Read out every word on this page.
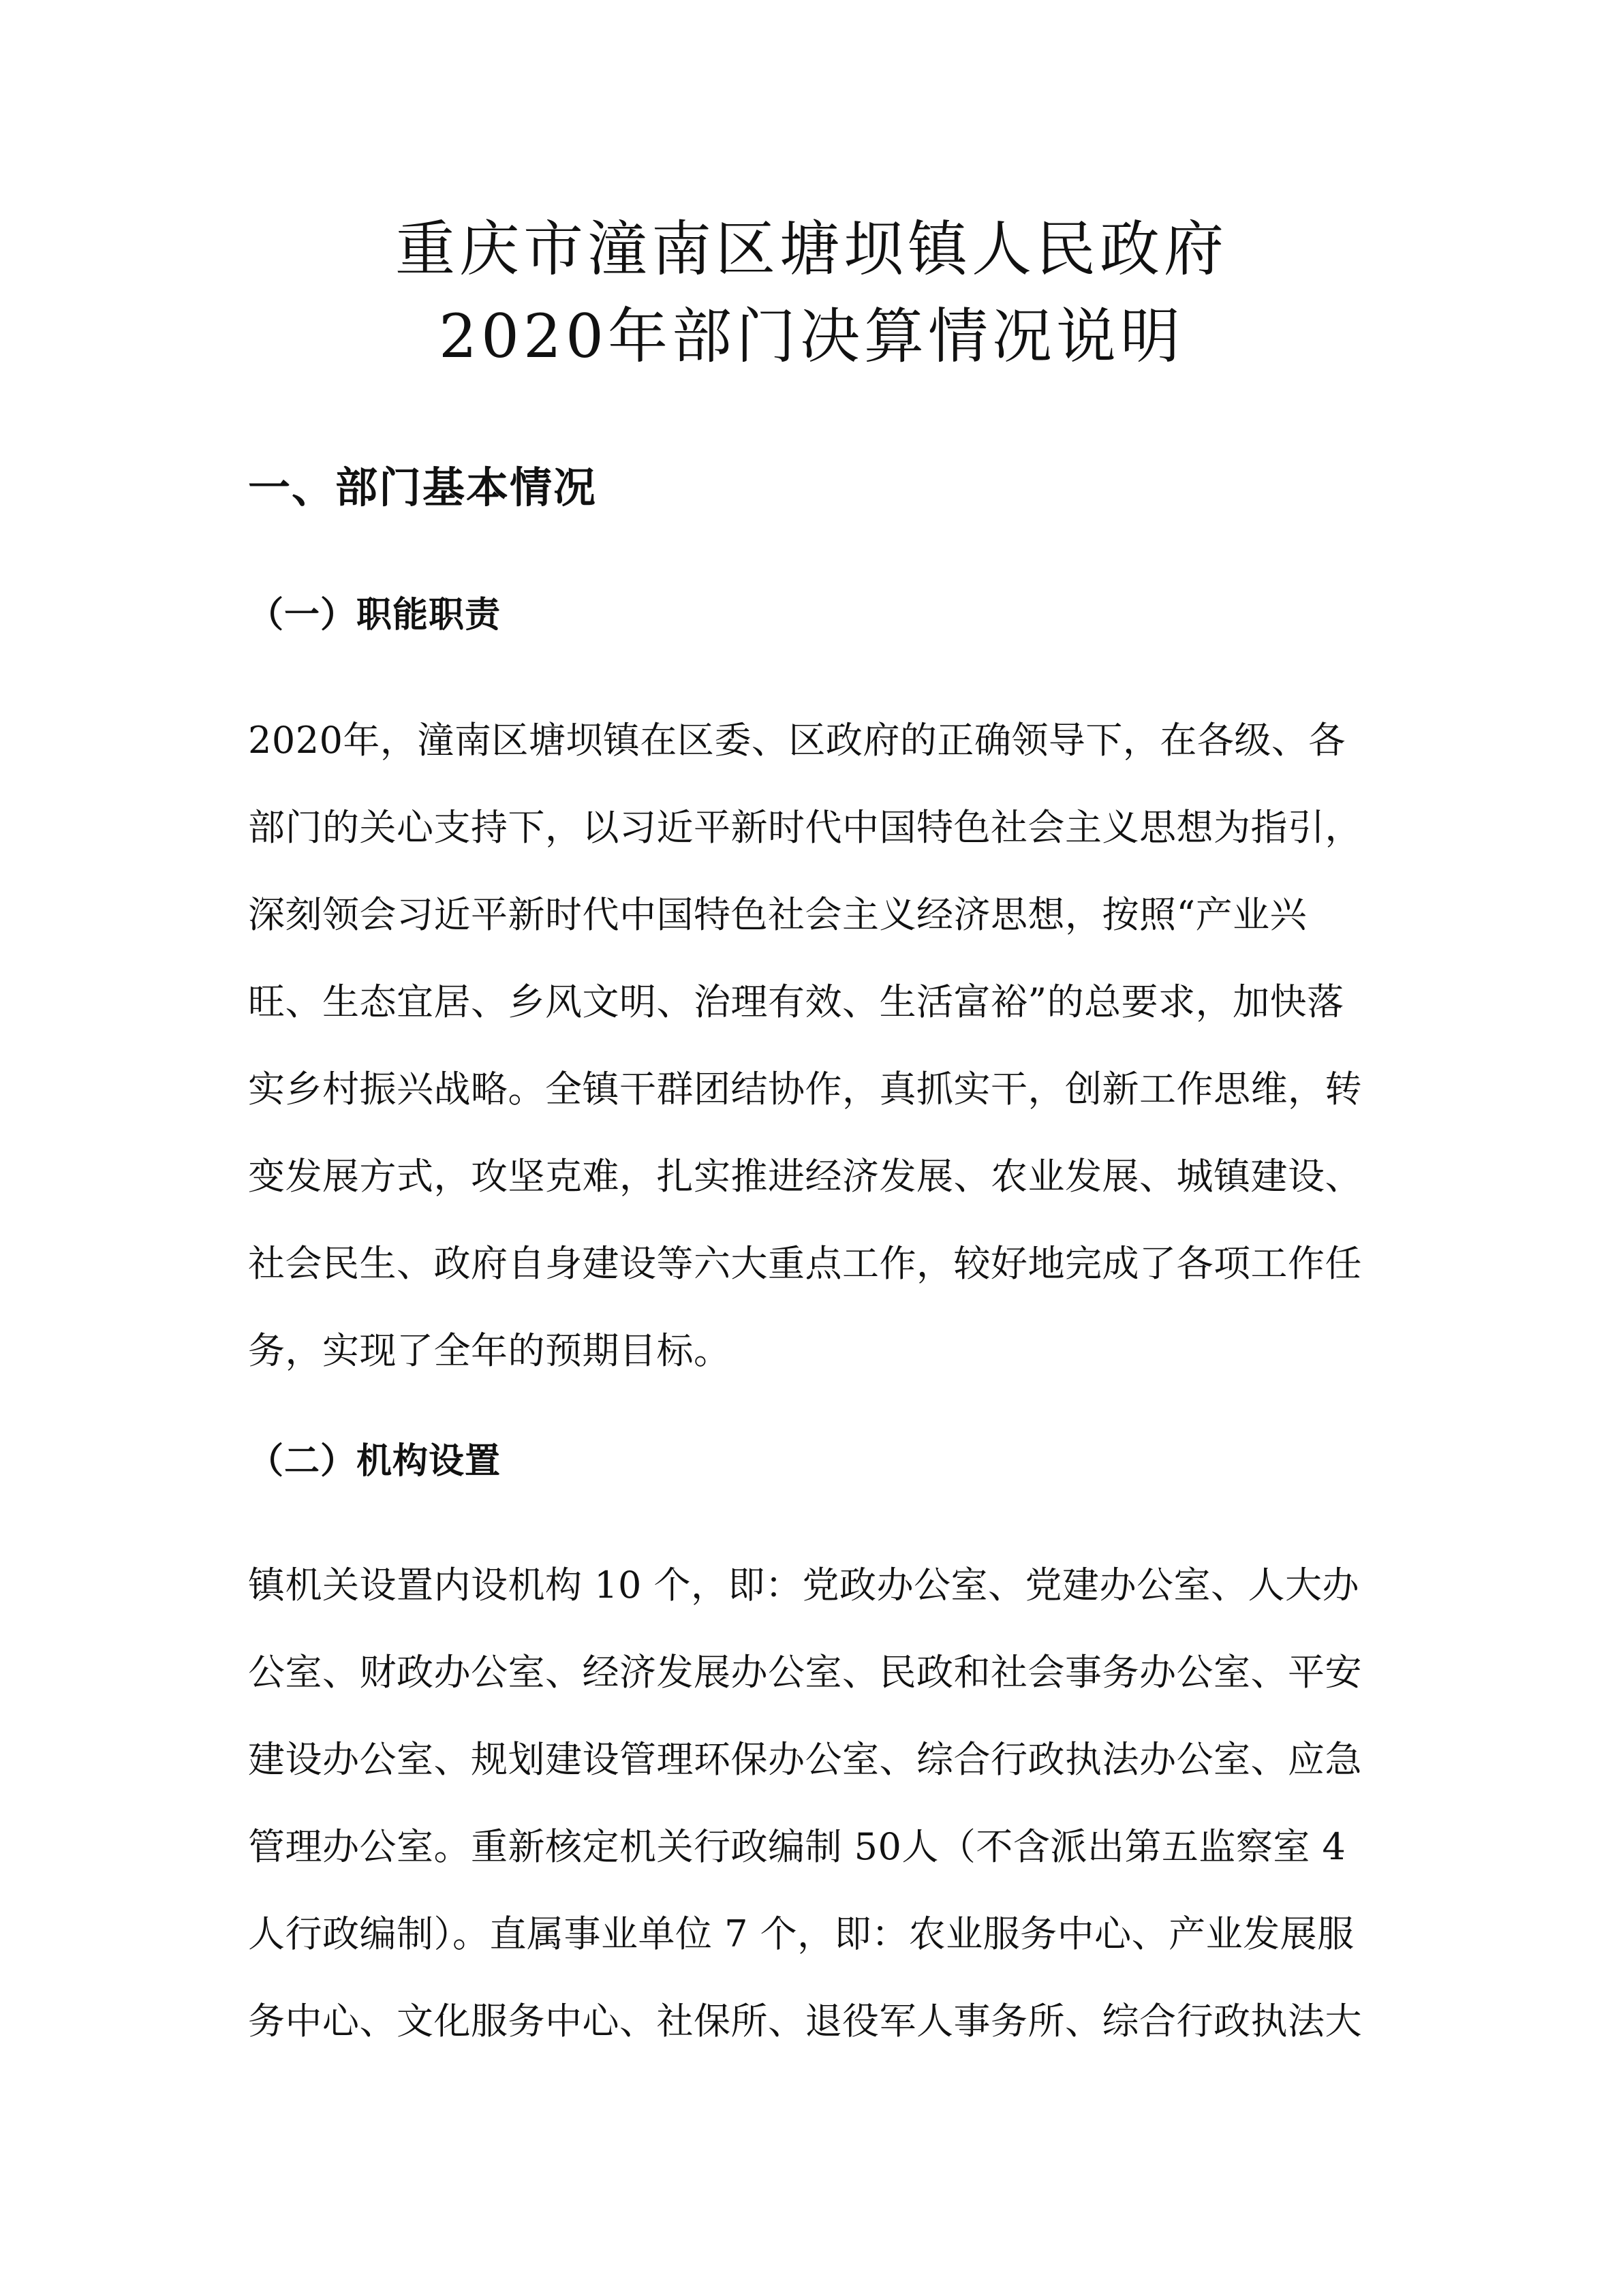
重庆市潼南区塘坝镇人民政府
2020年部门决算情况说明
一、部门基本情况
（一）职能职责
2020年，潼南区塘坝镇在区委、区政府的正确领导下，在各级、各
部门的关心支持下，以习近平新时代中国特色社会主义思想为指引，
深刻领会习近平新时代中国特色社会主义经济思想，按照“产业兴
旺、生态宜居、乡风文明、治理有效、生活富裕”的总要求，加快落
实乡村振兴战略。全镇干群团结协作，真抓实干，创新工作思维，转
变发展方式，攻坚克难，扎实推进经济发展、农业发展、城镇建设、
社会民生、政府自身建设等六大重点工作，较好地完成了各项工作任
务，实现了全年的预期目标。
（二）机构设置
镇机关设置内设机构 10 个，即：党政办公室、党建办公室、人大办
公室、财政办公室、经济发展办公室、民政和社会事务办公室、平安
建设办公室、规划建设管理环保办公室、综合行政执法办公室、应急
管理办公室。重新核定机关行政编制 50人（不含派出第五监察室 4
人行政编制）。直属事业单位 7 个，即：农业服务中心、产业发展服
务中心、文化服务中心、社保所、退役军人事务所、综合行政执法大
